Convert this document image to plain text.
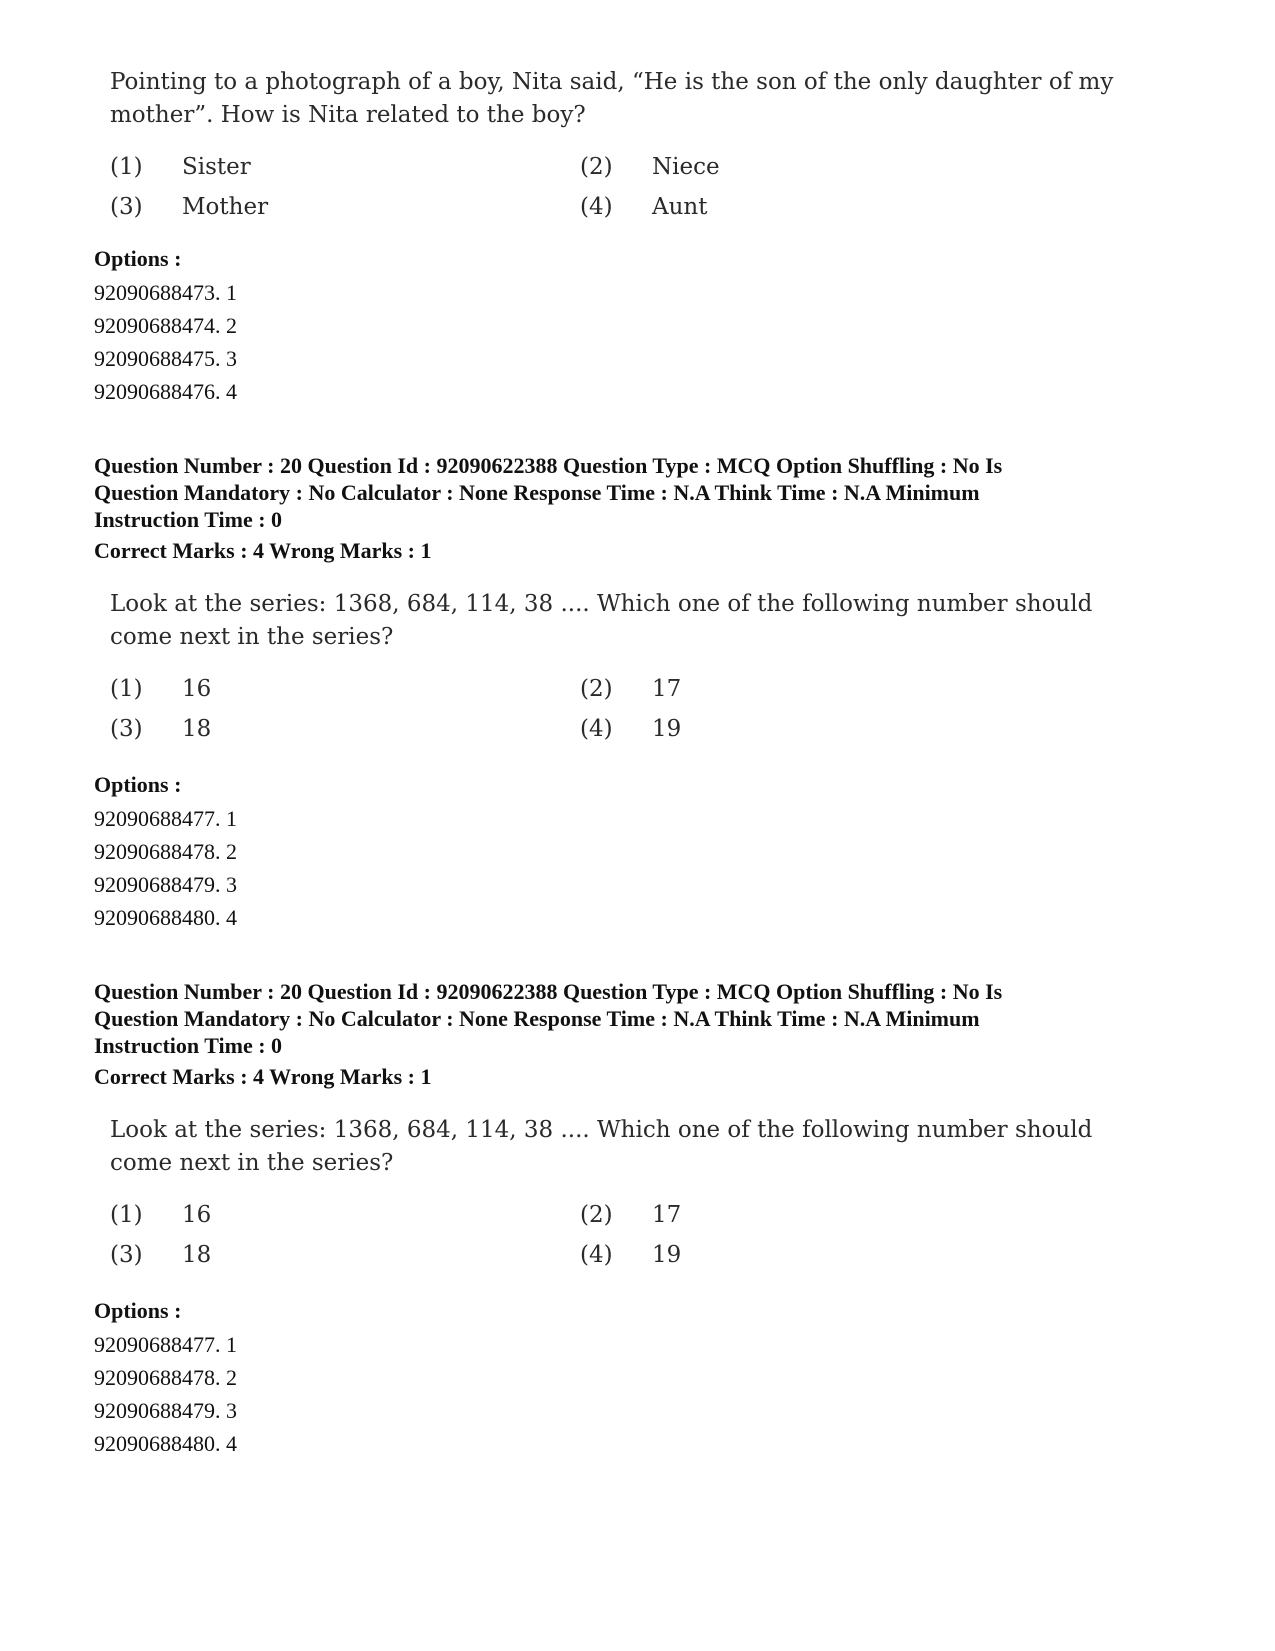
Pointing to a photograph of a boy, Nita said, “He is the son of the only daughter of my mother”. How is Nita related to the boy?

(1)	Sister	(2)	Niece
(3)	Mother	(4)	Aunt
Options :
92090688473. 1
92090688474. 2
92090688475. 3
92090688476. 4
Question Number : 20 Question Id : 92090622388 Question Type : MCQ Option Shuffling : No Is
Question Mandatory : No Calculator : None Response Time : N.A Think Time : N.A Minimum
Instruction Time : 0
Correct Marks : 4 Wrong Marks : 1

Look at the series: 1368, 684, 114, 38 .... Which one of the following number should come next in the series?

(1)	16	(2)	17
(3)	18	(4)	19
Options :
92090688477. 1
92090688478. 2
92090688479. 3
92090688480. 4
Question Number : 20 Question Id : 92090622388 Question Type : MCQ Option Shuffling : No Is
Question Mandatory : No Calculator : None Response Time : N.A Think Time : N.A Minimum
Instruction Time : 0
Correct Marks : 4 Wrong Marks : 1

Look at the series: 1368, 684, 114, 38 .... Which one of the following number should come next in the series?

(1)	16	(2)	17
(3)	18	(4)	19
Options :
92090688477. 1
92090688478. 2
92090688479. 3
92090688480. 4
